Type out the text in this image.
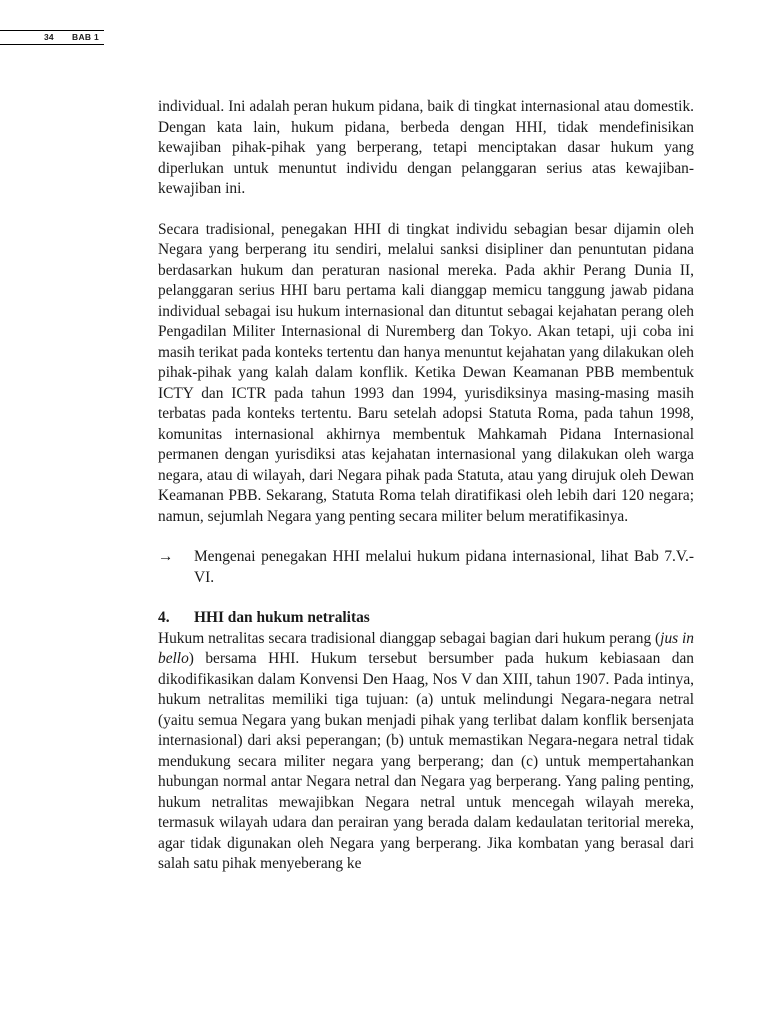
34 BAB 1

individual. Ini adalah peran hukum pidana, baik di tingkat internasional atau domestik. Dengan kata lain, hukum pidana, berbeda dengan HHI, tidak mendefinisikan kewajiban pihak-pihak yang berperang, tetapi menciptakan dasar hukum yang diperlukan untuk menuntut individu dengan pelanggaran serius atas kewajiban-kewajiban ini.

Secara tradisional, penegakan HHI di tingkat individu sebagian besar dijamin oleh Negara yang berperang itu sendiri, melalui sanksi disipliner dan penuntutan pidana berdasarkan hukum dan peraturan nasional mereka. Pada akhir Perang Dunia II, pelanggaran serius HHI baru pertama kali dianggap memicu tanggung jawab pidana individual sebagai isu hukum internasional dan dituntut sebagai kejahatan perang oleh Pengadilan Militer Internasional di Nuremberg dan Tokyo. Akan tetapi, uji coba ini masih terikat pada konteks tertentu dan hanya menuntut kejahatan yang dilakukan oleh pihak-pihak yang kalah dalam konflik. Ketika Dewan Keamanan PBB membentuk ICTY dan ICTR pada tahun 1993 dan 1994, yurisdiksinya masing-masing masih terbatas pada konteks tertentu. Baru setelah adopsi Statuta Roma, pada tahun 1998, komunitas internasional akhirnya membentuk Mahkamah Pidana Internasional permanen dengan yurisdiksi atas kejahatan internasional yang dilakukan oleh warga negara, atau di wilayah, dari Negara pihak pada Statuta, atau yang dirujuk oleh Dewan Keamanan PBB. Sekarang, Statuta Roma telah diratifikasi oleh lebih dari 120 negara; namun, sejumlah Negara yang penting secara militer belum meratifikasinya.

→	Mengenai penegakan HHI melalui hukum pidana internasional, lihat Bab 7.V.-VI.
4.	HHI dan hukum netralitas

Hukum netralitas secara tradisional dianggap sebagai bagian dari hukum perang (jus in bello) bersama HHI. Hukum tersebut bersumber pada hukum kebiasaan dan dikodifikasikan dalam Konvensi Den Haag, Nos V dan XIII, tahun 1907. Pada intinya, hukum netralitas memiliki tiga tujuan: (a) untuk melindungi Negara-negara netral (yaitu semua Negara yang bukan menjadi pihak yang terlibat dalam konflik bersenjata internasional) dari aksi peperangan; (b) untuk memastikan Negara-negara netral tidak mendukung secara militer negara yang berperang; dan (c) untuk mempertahankan hubungan normal antar Negara netral dan Negara yag berperang. Yang paling penting, hukum netralitas mewajibkan Negara netral untuk mencegah wilayah mereka, termasuk wilayah udara dan perairan yang berada dalam kedaulatan teritorial mereka, agar tidak digunakan oleh Negara yang berperang. Jika kombatan yang berasal dari salah satu pihak menyeberang ke
